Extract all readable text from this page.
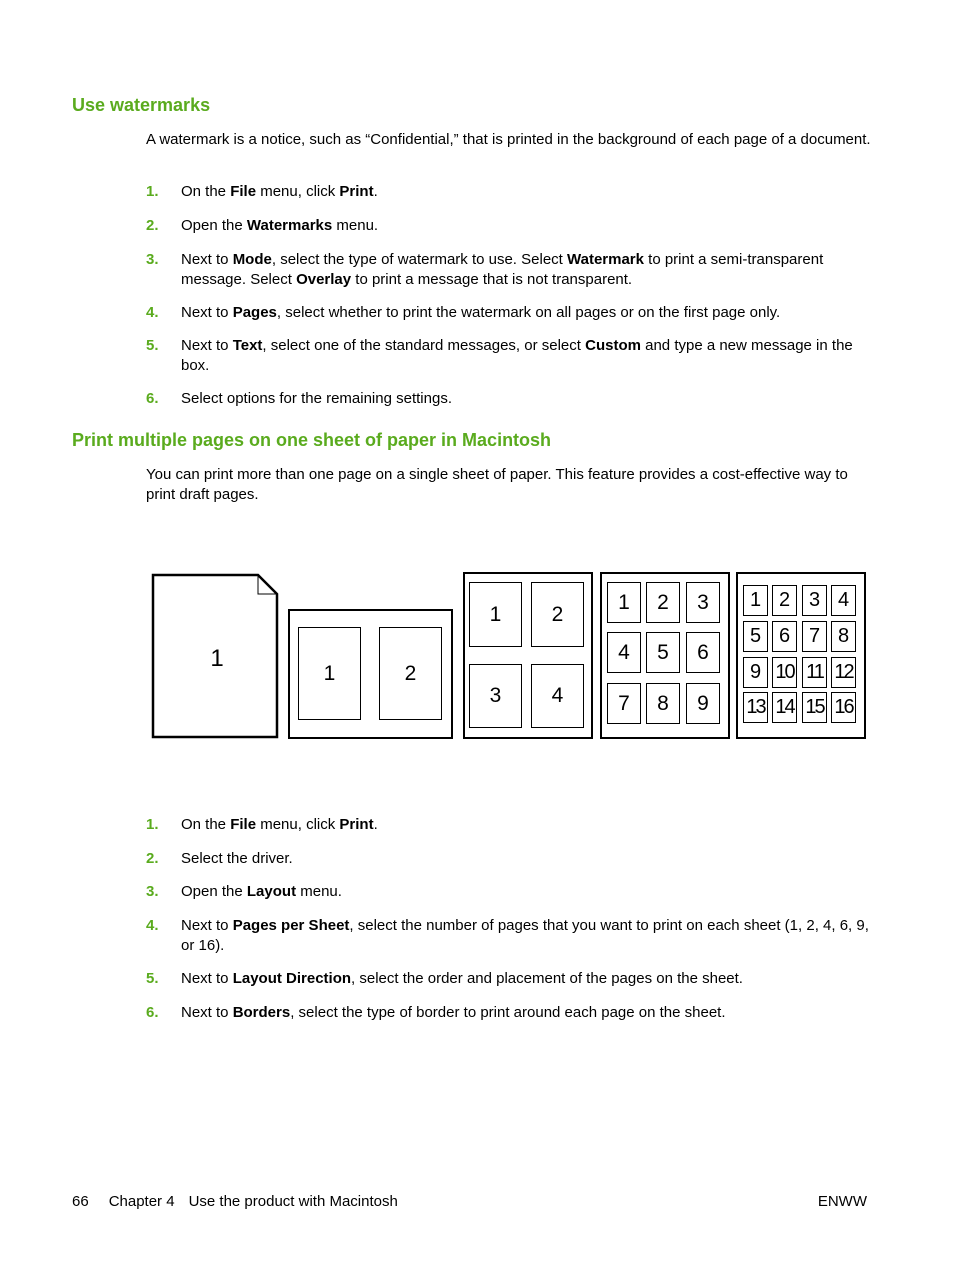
Use watermarks

A watermark is a notice, such as “Confidential,” that is printed in the background of each page of a document.

1. On the File menu, click Print.
2. Open the Watermarks menu.
3. Next to Mode, select the type of watermark to use. Select Watermark to print a semi-transparent message. Select Overlay to print a message that is not transparent.
4. Next to Pages, select whether to print the watermark on all pages or on the first page only.
5. Next to Text, select one of the standard messages, or select Custom and type a new message in the box.
6. Select options for the remaining settings.
Print multiple pages on one sheet of paper in Macintosh

You can print more than one page on a single sheet of paper. This feature provides a cost-effective way to print draft pages.

1
1	2
1	2
3	4
1	2	3
4	5	6
7	8	9
1 2 3 4
5 6 7 8
9 10 11 12
13 14 15 16
1. On the File menu, click Print.
2. Select the driver.
3. Open the Layout menu.
4. Next to Pages per Sheet, select the number of pages that you want to print on each sheet (1, 2, 4, 6, 9, or 16).
5. Next to Layout Direction, select the order and placement of the pages on the sheet.
6. Next to Borders, select the type of border to print around each page on the sheet.
66 Chapter 4 Use the product with Macintosh	ENWW
